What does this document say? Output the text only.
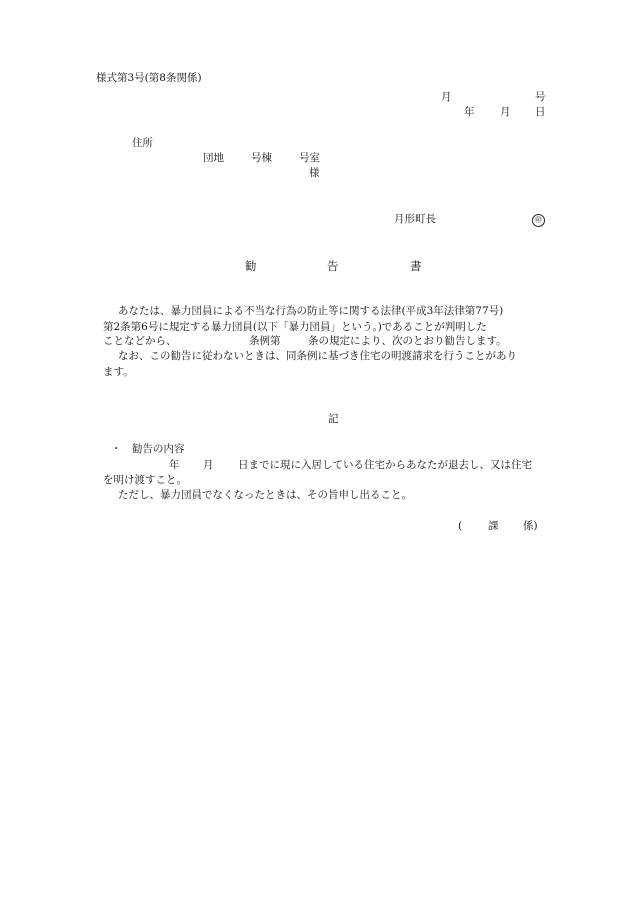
様式第3号(第8条関係)
月	号
年 月 日
住所
団地	号棟	号室
様
月形町長	㊞
勧	告	書
あなたは、暴力団員による不当な行為の防止等に関する法律(平成3年法律第77号)
第2条第6号に規定する暴力団員(以下「暴力団員」という。)であることが判明した
ことなどから、	条例第	条の規定により、次のとおり勧告します。
なお、この勧告に従わないときは、同条例に基づき住宅の明渡請求を行うことがあり
ます。
記
・ 勧告の内容
年 月 日までに現に入居している住宅からあなたが退去し、又は住宅
を明け渡すこと。
ただし、暴力団員でなくなったときは、その旨申し出ること。
( 課 係)
